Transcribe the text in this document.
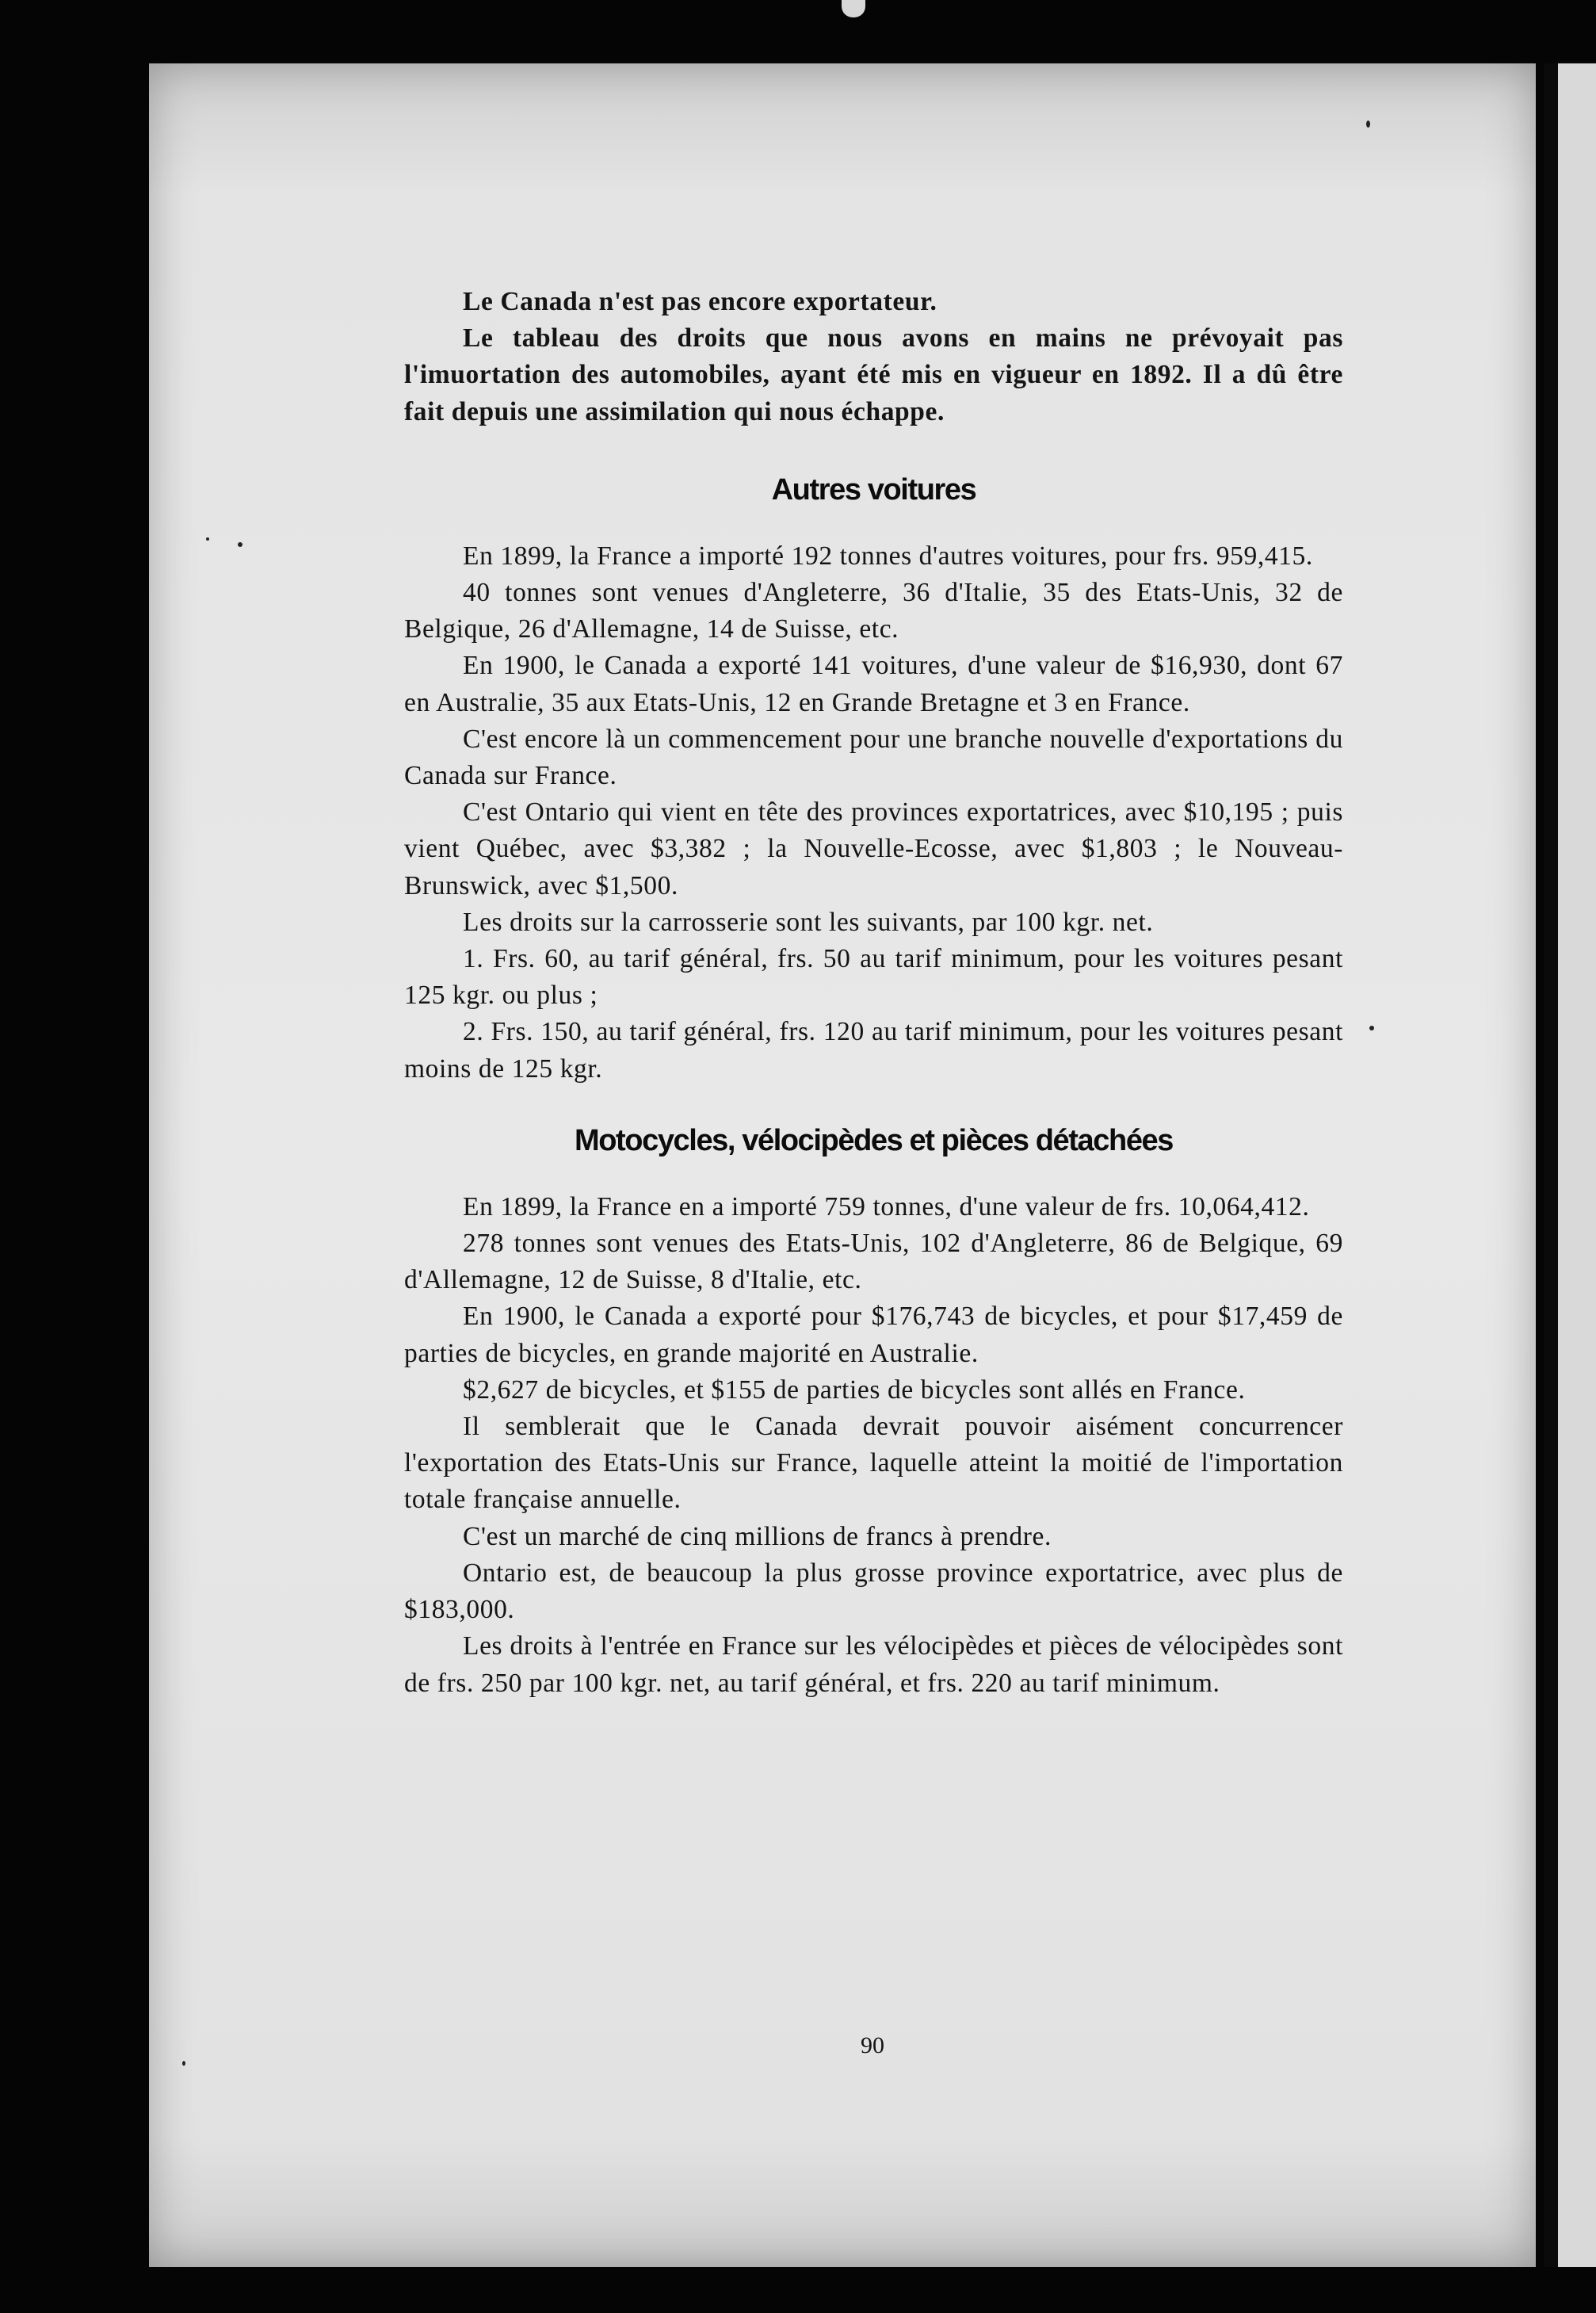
Le Canada n'est pas encore exportateur.

Le tableau des droits que nous avons en mains ne prévoyait pas l'imuortation des automobiles, ayant été mis en vigueur en 1892. Il a dû être fait depuis une assimilation qui nous échappe.

Autres voitures

En 1899, la France a importé 192 tonnes d'autres voitures, pour frs. 959,415.

40 tonnes sont venues d'Angleterre, 36 d'Italie, 35 des Etats-Unis, 32 de Belgique, 26 d'Allemagne, 14 de Suisse, etc.

En 1900, le Canada a exporté 141 voitures, d'une valeur de $16,930, dont 67 en Australie, 35 aux Etats-Unis, 12 en Grande Bretagne et 3 en France.

C'est encore là un commencement pour une branche nouvelle d'exportations du Canada sur France.

C'est Ontario qui vient en tête des provinces exportatrices, avec $10,195 ; puis vient Québec, avec $3,382 ; la Nouvelle-Ecosse, avec $1,803 ; le Nouveau-Brunswick, avec $1,500.

Les droits sur la carrosserie sont les suivants, par 100 kgr. net.

1. Frs. 60, au tarif général, frs. 50 au tarif minimum, pour les voitures pesant 125 kgr. ou plus ;

2. Frs. 150, au tarif général, frs. 120 au tarif minimum, pour les voitures pesant moins de 125 kgr.

Motocycles, vélocipèdes et pièces détachées

En 1899, la France en a importé 759 tonnes, d'une valeur de frs. 10,064,412.

278 tonnes sont venues des Etats-Unis, 102 d'Angleterre, 86 de Belgique, 69 d'Allemagne, 12 de Suisse, 8 d'Italie, etc.

En 1900, le Canada a exporté pour $176,743 de bicycles, et pour $17,459 de parties de bicycles, en grande majorité en Australie.

$2,627 de bicycles, et $155 de parties de bicycles sont allés en France.

Il semblerait que le Canada devrait pouvoir aisément concurrencer l'exportation des Etats-Unis sur France, laquelle atteint la moitié de l'importation totale française annuelle.

C'est un marché de cinq millions de francs à prendre.

Ontario est, de beaucoup la plus grosse province exportatrice, avec plus de $183,000.

Les droits à l'entrée en France sur les vélocipèdes et pièces de vélocipèdes sont de frs. 250 par 100 kgr. net, au tarif général, et frs. 220 au tarif minimum.

90
